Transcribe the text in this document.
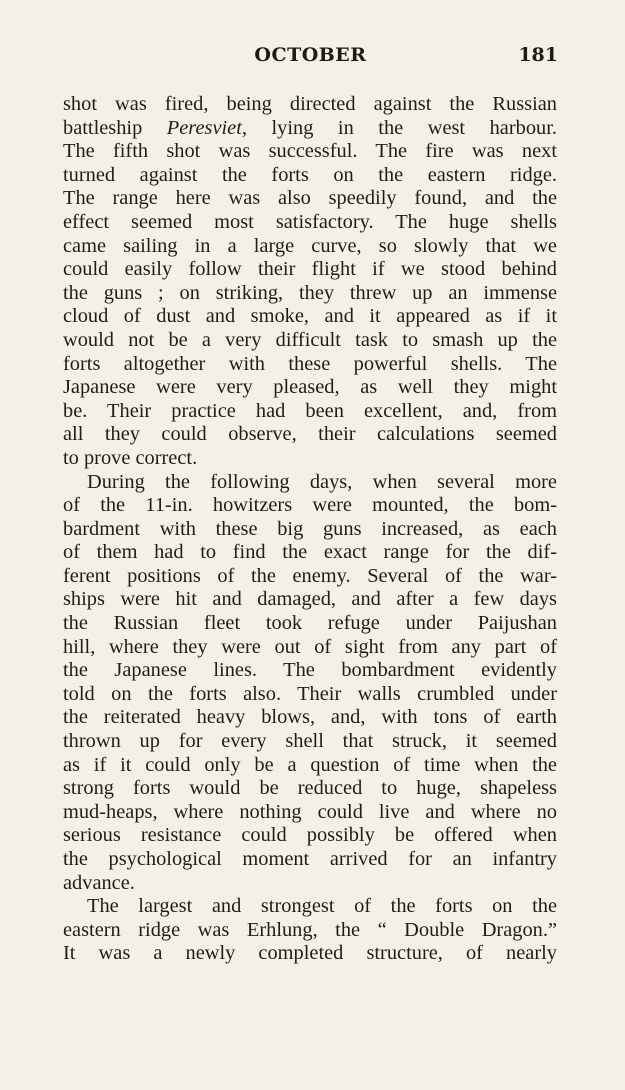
OCTOBER	181
shot was fired, being directed against the Russian
battleship Peresviet, lying in the west harbour.
The fifth shot was successful. The fire was next
turned against the forts on the eastern ridge.
The range here was also speedily found, and the
effect seemed most satisfactory. The huge shells
came sailing in a large curve, so slowly that we
could easily follow their flight if we stood behind
the guns ; on striking, they threw up an immense
cloud of dust and smoke, and it appeared as if it
would not be a very difficult task to smash up the
forts altogether with these powerful shells. The
Japanese were very pleased, as well they might
be. Their practice had been excellent, and, from
all they could observe, their calculations seemed
to prove correct.
During the following days, when several more
of the 11-in. howitzers were mounted, the bom-
bardment with these big guns increased, as each
of them had to find the exact range for the dif-
ferent positions of the enemy. Several of the war-
ships were hit and damaged, and after a few days
the Russian fleet took refuge under Paijushan
hill, where they were out of sight from any part of
the Japanese lines. The bombardment evidently
told on the forts also. Their walls crumbled under
the reiterated heavy blows, and, with tons of earth
thrown up for every shell that struck, it seemed
as if it could only be a question of time when the
strong forts would be reduced to huge, shapeless
mud-heaps, where nothing could live and where no
serious resistance could possibly be offered when
the psychological moment arrived for an infantry
advance.
The largest and strongest of the forts on the
eastern ridge was Erhlung, the “ Double Dragon.”
It was a newly completed structure, of nearly
